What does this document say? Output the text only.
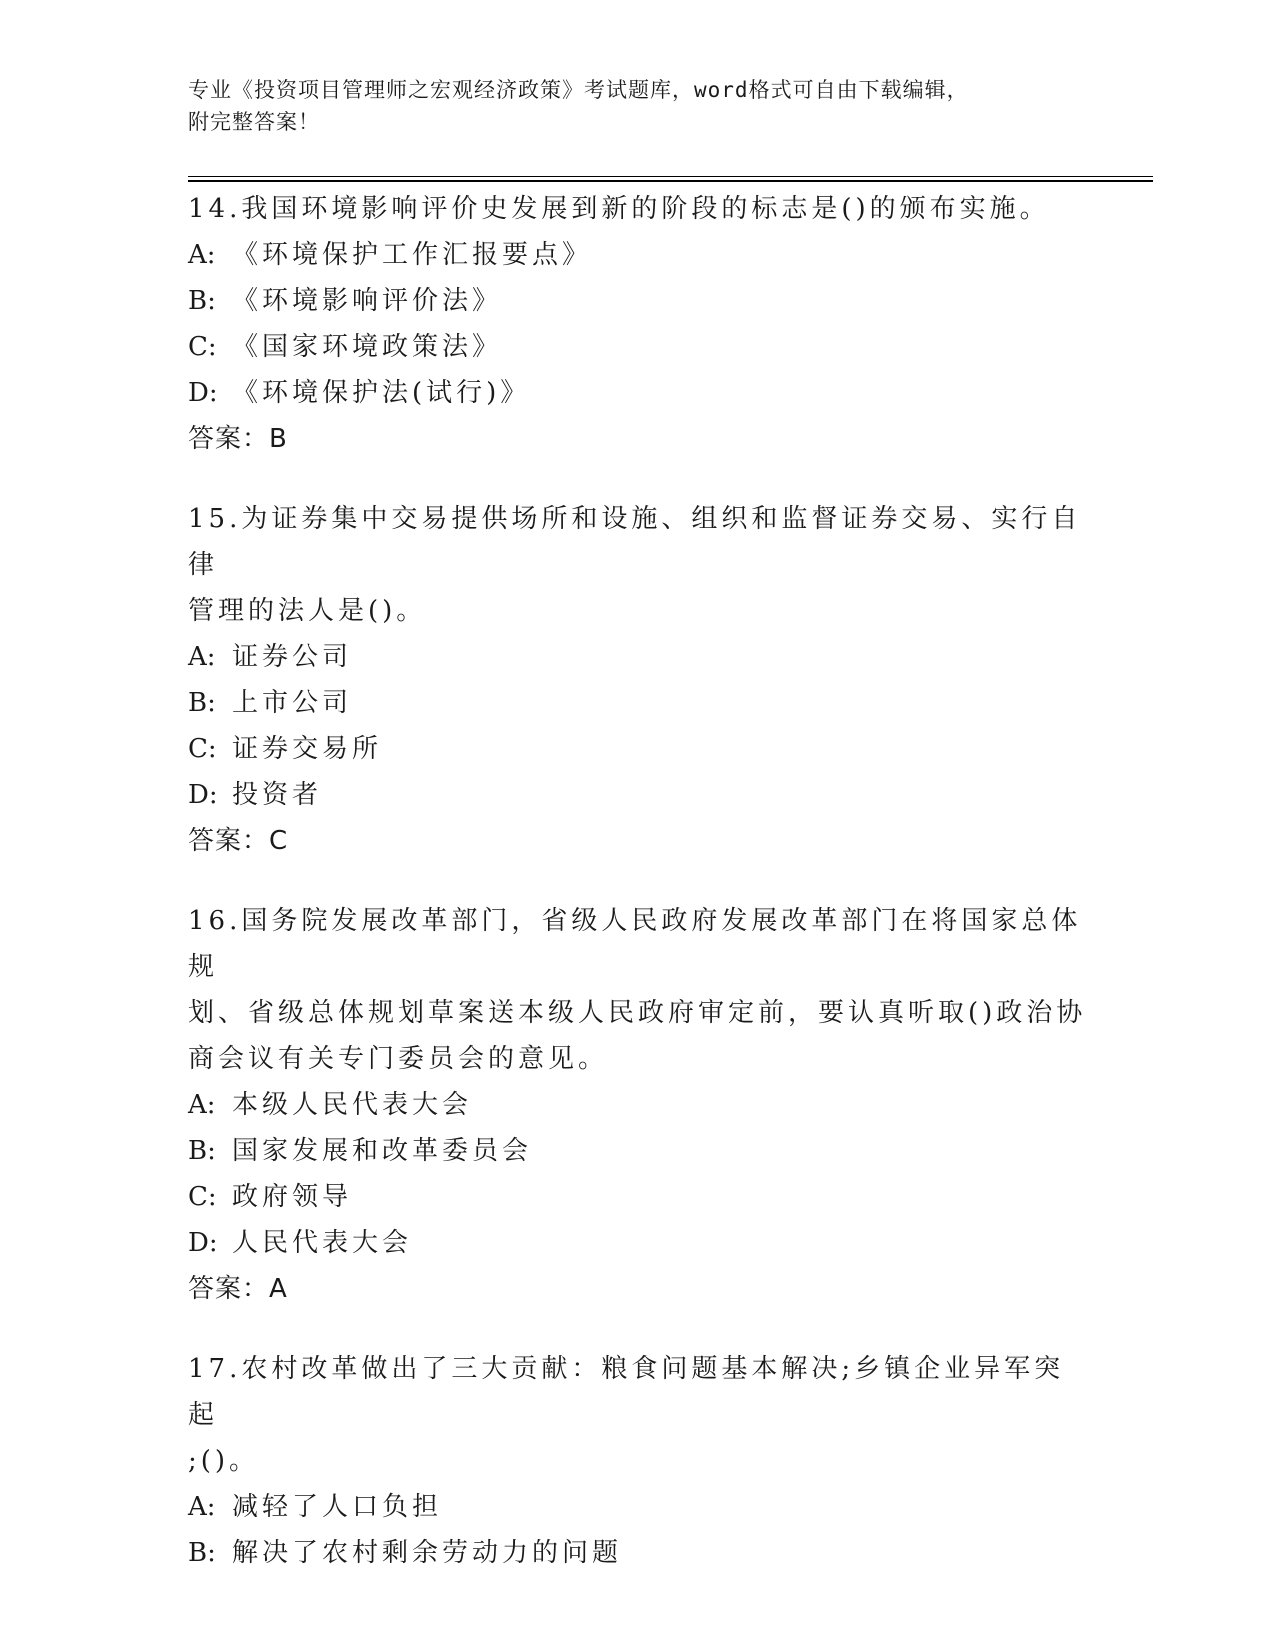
专业《投资项目管理师之宏观经济政策》考试题库，word格式可自由下载编辑，
附完整答案！
14.我国环境影响评价史发展到新的阶段的标志是()的颁布实施。
A: 《环境保护工作汇报要点》
B: 《环境影响评价法》
C: 《国家环境政策法》
D: 《环境保护法(试行)》
答案：B
15.为证券集中交易提供场所和设施、组织和监督证券交易、实行自律
管理的法人是()。
A: 证券公司
B: 上市公司
C: 证券交易所
D: 投资者
答案：C
16.国务院发展改革部门，省级人民政府发展改革部门在将国家总体规
划、省级总体规划草案送本级人民政府审定前，要认真听取()政治协
商会议有关专门委员会的意见。
A: 本级人民代表大会
B: 国家发展和改革委员会
C: 政府领导
D: 人民代表大会
答案：A
17.农村改革做出了三大贡献：粮食问题基本解决;乡镇企业异军突起
;()。
A: 减轻了人口负担
B: 解决了农村剩余劳动力的问题
